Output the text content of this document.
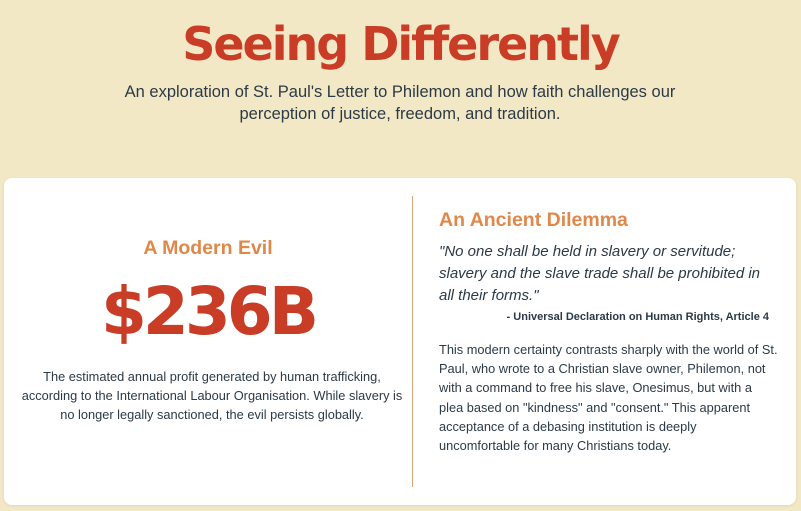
Seeing Differently

An exploration of St. Paul's Letter to Philemon and how faith challenges our perception of justice, freedom, and tradition.

A Modern Evil
$236B

The estimated annual profit generated by human trafficking, according to the International Labour Organisation. While slavery is no longer legally sanctioned, the evil persists globally.

An Ancient Dilemma

"No one shall be held in slavery or servitude; slavery and the slave trade shall be prohibited in all their forms."

- Universal Declaration on Human Rights, Article 4

This modern certainty contrasts sharply with the world of St. Paul, who wrote to a Christian slave owner, Philemon, not with a command to free his slave, Onesimus, but with a plea based on "kindness" and "consent." This apparent acceptance of a debasing institution is deeply uncomfortable for many Christians today.
